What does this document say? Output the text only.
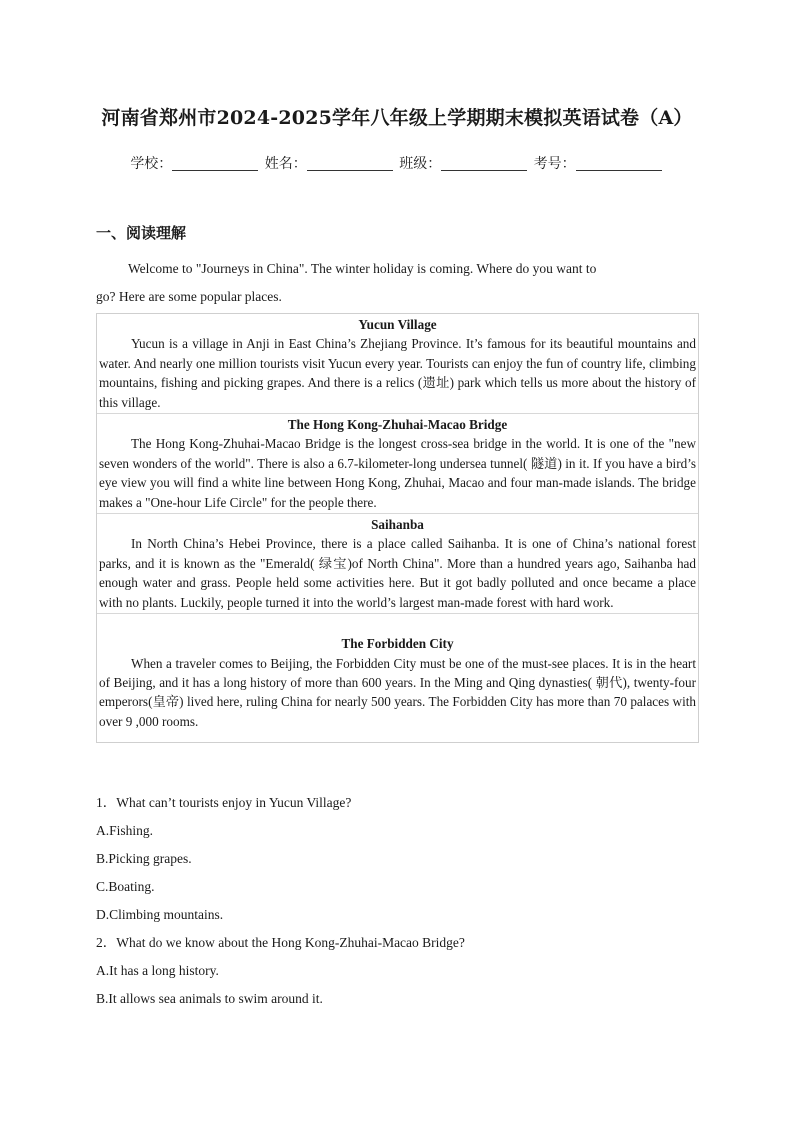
河南省郑州市2024-2025学年八年级上学期期末模拟英语试卷（A）
学校：	姓名：	班级：	考号：
一、阅读理解
Welcome to "Journeys in China". The winter holiday is coming. Where do you want to
go? Here are some popular places.
Yucun Village
Yucun is a village in Anji in East China’s Zhejiang Province. It’s famous for its beautiful mountains and water. And nearly one million tourists visit Yucun every year. Tourists can enjoy the fun of country life, climbing mountains, fishing and picking grapes. And there is a relics (遗址) park which tells us more about the history of this village.
The Hong Kong-Zhuhai-Macao Bridge
The Hong Kong-Zhuhai-Macao Bridge is the longest cross-sea bridge in the world. It is one of the "new seven wonders of the world". There is also a 6.7-kilometer-long undersea tunnel( 隧道) in it. If you have a bird’s eye view you will find a white line between Hong Kong, Zhuhai, Macao and four man-made islands. The bridge makes a "One-hour Life Circle" for the people there.
Saihanba
In North China’s Hebei Province, there is a place called Saihanba. It is one of China’s national forest parks, and it is known as the "Emerald( 绿宝)of North China". More than a hundred years ago, Saihanba had enough water and grass. People held some activities here. But it got badly polluted and once became a place with no plants. Luckily, people turned it into the world’s largest man-made forest with hard work.
The Forbidden City
When a traveler comes to Beijing, the Forbidden City must be one of the must-see places. It is in the heart of Beijing, and it has a long history of more than 600 years. In the Ming and Qing dynasties( 朝代), twenty-four emperors(皇帝) lived here, ruling China for nearly 500 years. The Forbidden City has more than 70 palaces with over 9 ,000 rooms.
1．What can’t tourists enjoy in Yucun Village?
A.Fishing.
B.Picking grapes.
C.Boating.
D.Climbing mountains.
2．What do we know about the Hong Kong-Zhuhai-Macao Bridge?
A.It has a long history.
B.It allows sea animals to swim around it.
